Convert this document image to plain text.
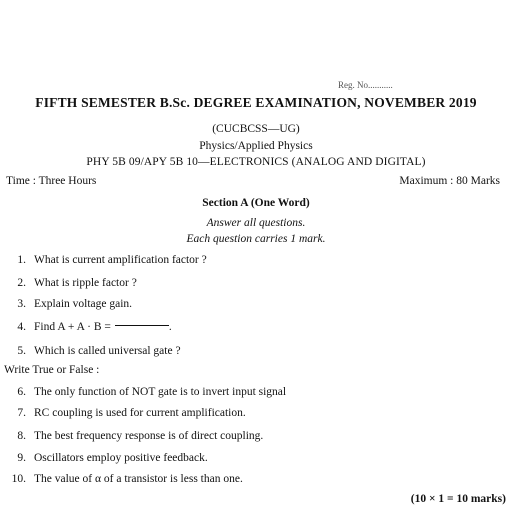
Reg. No...........
FIFTH SEMESTER B.Sc. DEGREE EXAMINATION, NOVEMBER 2019
(CUCBCSS—UG)
Physics/Applied Physics
PHY 5B 09/APY 5B 10—ELECTRONICS (ANALOG AND DIGITAL)
Time : Three Hours	Maximum : 80 Marks
Section A (One Word)
Answer all questions.
Each question carries 1 mark.
1. What is current amplification factor ?
2. What is ripple factor ?
3. Explain voltage gain.
4. Find A + A · B =	.
5. Which is called universal gate ?
Write True or False :
6. The only function of NOT gate is to invert input signal
7. RC coupling is used for current amplification.
8. The best frequency response is of direct coupling.
9. Oscillators employ positive feedback.
10. The value of α of a transistor is less than one.
(10 × 1 = 10 marks)
